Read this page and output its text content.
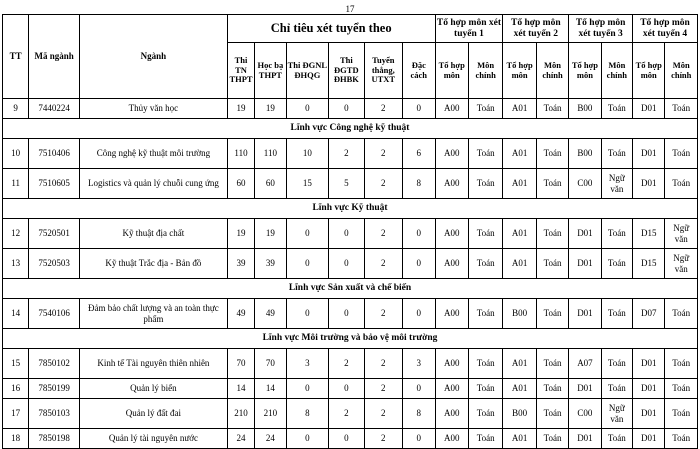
17
TT	Mã ngành	Ngành	Chỉ tiêu xét tuyển theo						Tổ hợp môn xét tuyển 1		Tổ hợp môn xét tuyển 2		Tổ hợp môn xét tuyển 3		Tổ hợp môn xét tuyển 4	
			Thi TN THPT	Học bạ THPT	Thi ĐGNL ĐHQG	Thi ĐGTD ĐHBK	Tuyển thẳng, UTXT	Đặc cách	Tổ hợp môn	Môn chính	Tổ hợp môn	Môn chính	Tổ hợp môn	Môn chính	Tổ hợp môn	Môn chính
9	7440224	Thủy văn học	19	19	0	0	2	0	A00	Toán	A01	Toán	B00	Toán	D01	Toán
Lĩnh vực Công nghệ kỹ thuật																
10	7510406	Công nghệ kỹ thuật môi trường	110	110	10	2	2	6	A00	Toán	A01	Toán	B00	Toán	D01	Toán
11	7510605	Logistics và quản lý chuỗi cung ứng	60	60	15	5	2	8	A00	Toán	A01	Toán	C00	Ngữ văn	D01	Toán
Lĩnh vực Kỹ thuật																
12	7520501	Kỹ thuật địa chất	19	19	0	0	2	0	A00	Toán	A01	Toán	D01	Toán	D15	Ngữ văn
13	7520503	Kỹ thuật Trắc địa - Bản đồ	39	39	0	0	2	0	A00	Toán	A01	Toán	D01	Toán	D15	Ngữ văn
Lĩnh vực Sản xuất và chế biến																
14	7540106	Đảm bảo chất lượng và an toàn thực phẩm	49	49	0	0	2	0	A00	Toán	B00	Toán	D01	Toán	D07	Toán
Lĩnh vực Môi trường và bảo vệ môi trường																
15	7850102	Kinh tế Tài nguyên thiên nhiên	70	70	3	2	2	3	A00	Toán	A01	Toán	A07	Toán	D01	Toán
16	7850199	Quản lý biển	14	14	0	0	2	0	A00	Toán	A01	Toán	D01	Toán	D01	Toán
17	7850103	Quản lý đất đai	210	210	8	2	2	8	A00	Toán	B00	Toán	C00	Ngữ văn	D01	Toán
18	7850198	Quản lý tài nguyên nước	24	24	0	0	2	0	A00	Toán	A01	Toán	D01	Toán	D01	Toán
